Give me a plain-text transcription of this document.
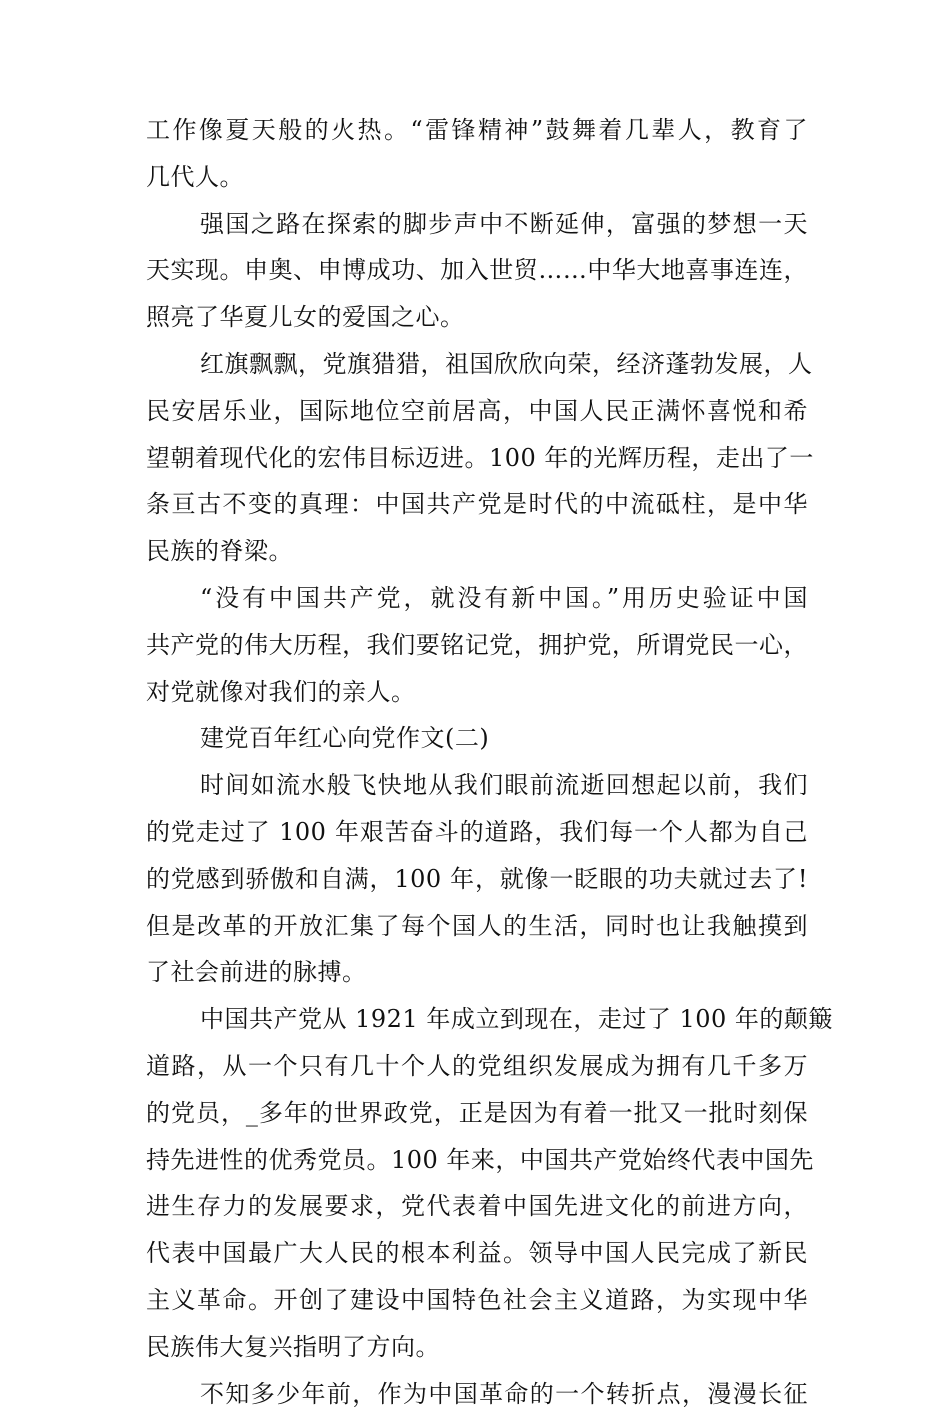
工作像夏天般的火热。“雷锋精神”鼓舞着几辈人，教育了
几代人。

强国之路在探索的脚步声中不断延伸，富强的梦想一天
天实现。申奥、申博成功、加入世贸……中华大地喜事连连，
照亮了华夏儿女的爱国之心。

红旗飘飘，党旗猎猎，祖国欣欣向荣，经济蓬勃发展，人
民安居乐业，国际地位空前居高，中国人民正满怀喜悦和希
望朝着现代化的宏伟目标迈进。100 年的光辉历程，走出了一
条亘古不变的真理：中国共产党是时代的中流砥柱，是中华
民族的脊梁。

“没有中国共产党，就没有新中国。”用历史验证中国
共产党的伟大历程，我们要铭记党，拥护党，所谓党民一心，
对党就像对我们的亲人。

建党百年红心向党作文(二)

时间如流水般飞快地从我们眼前流逝回想起以前，我们
的党走过了 100 年艰苦奋斗的道路，我们每一个人都为自己
的党感到骄傲和自满，100 年，就像一眨眼的功夫就过去了!
但是改革的开放汇集了每个国人的生活，同时也让我触摸到
了社会前进的脉搏。

中国共产党从 1921 年成立到现在，走过了 100 年的颠簸
道路，从一个只有几十个人的党组织发展成为拥有几千多万
的党员，_多年的世界政党，正是因为有着一批又一批时刻保
持先进性的优秀党员。100 年来，中国共产党始终代表中国先
进生存力的发展要求，党代表着中国先进文化的前进方向，
代表中国最广大人民的根本利益。领导中国人民完成了新民
主义革命。开创了建设中国特色社会主义道路，为实现中华
民族伟大复兴指明了方向。

不知多少年前，作为中国革命的一个转折点，漫漫长征
